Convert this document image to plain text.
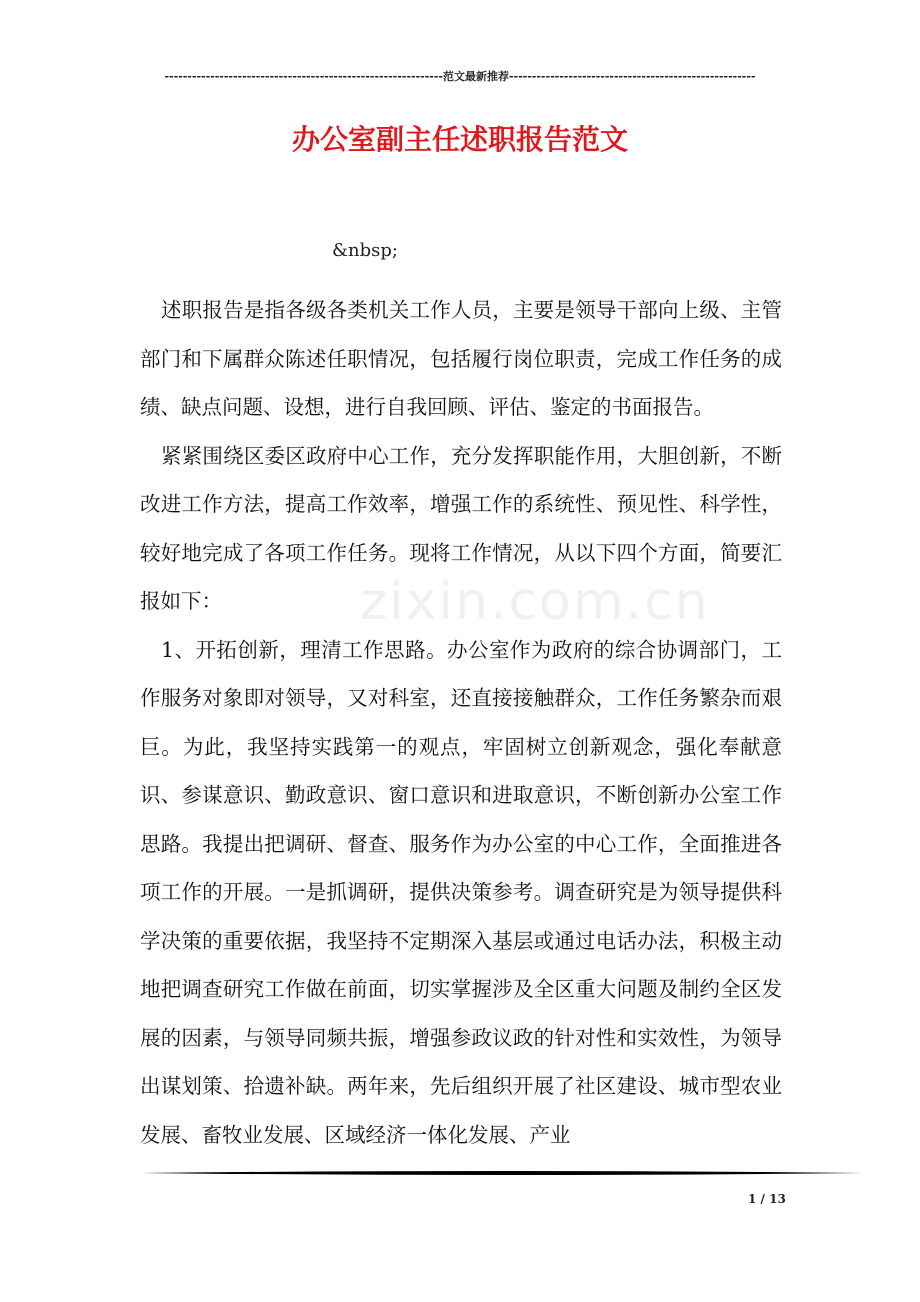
-------------------------------------------------------------范文最新推荐------------------------------------------------------
办公室副主任述职报告范文
&nbsp;
zixin.com.cn

述职报告是指各级各类机关工作人员，主要是领导干部向上级、主管部门和下属群众陈述任职情况，包括履行岗位职责，完成工作任务的成绩、缺点问题、设想，进行自我回顾、评估、鉴定的书面报告。

紧紧围绕区委区政府中心工作，充分发挥职能作用，大胆创新，不断改进工作方法，提高工作效率，增强工作的系统性、预见性、科学性，较好地完成了各项工作任务。现将工作情况，从以下四个方面，简要汇报如下：

1、开拓创新，理清工作思路。办公室作为政府的综合协调部门，工作服务对象即对领导，又对科室，还直接接触群众，工作任务繁杂而艰巨。为此，我坚持实践第一的观点，牢固树立创新观念，强化奉献意识、参谋意识、勤政意识、窗口意识和进取意识，不断创新办公室工作思路。我提出把调研、督查、服务作为办公室的中心工作，全面推进各项工作的开展。一是抓调研，提供决策参考。调查研究是为领导提供科学决策的重要依据，我坚持不定期深入基层或通过电话办法，积极主动地把调查研究工作做在前面，切实掌握涉及全区重大问题及制约全区发展的因素，与领导同频共振，增强参政议政的针对性和实效性，为领导出谋划策、拾遗补缺。两年来，先后组织开展了社区建设、城市型农业发展、畜牧业发展、区域经济一体化发展、产业

1 / 13
